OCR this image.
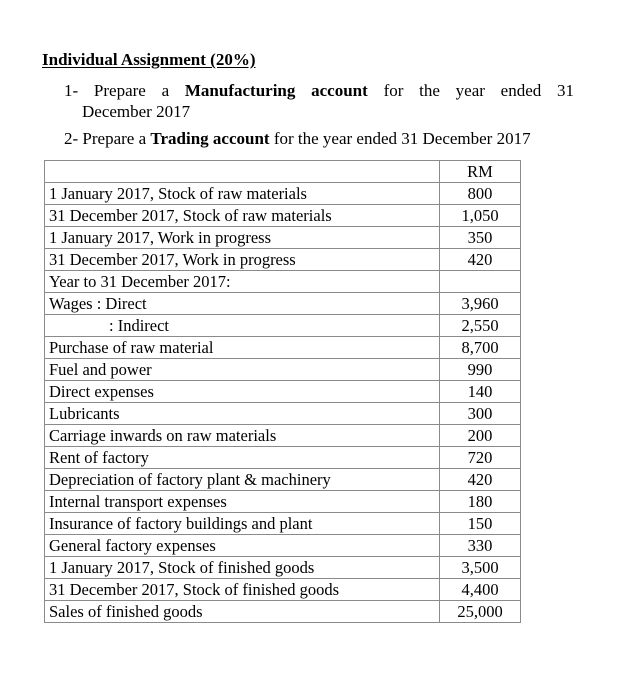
Individual Assignment (20%)
1- Prepare a Manufacturing account for the year ended 31
December 2017
2- Prepare a Trading account for the year ended 31 December 2017
	RM
1 January 2017, Stock of raw materials	800
31 December 2017, Stock of raw materials	1,050
1 January 2017, Work in progress	350
31 December 2017, Work in progress	420
Year to 31 December 2017:	
Wages : Direct	3,960
: Indirect	2,550
Purchase of raw material	8,700
Fuel and power	990
Direct expenses	140
Lubricants	300
Carriage inwards on raw materials	200
Rent of factory	720
Depreciation of factory plant & machinery	420
Internal transport expenses	180
Insurance of factory buildings and plant	150
General factory expenses	330
1 January 2017, Stock of finished goods	3,500
31 December 2017, Stock of finished goods	4,400
Sales of finished goods	25,000
